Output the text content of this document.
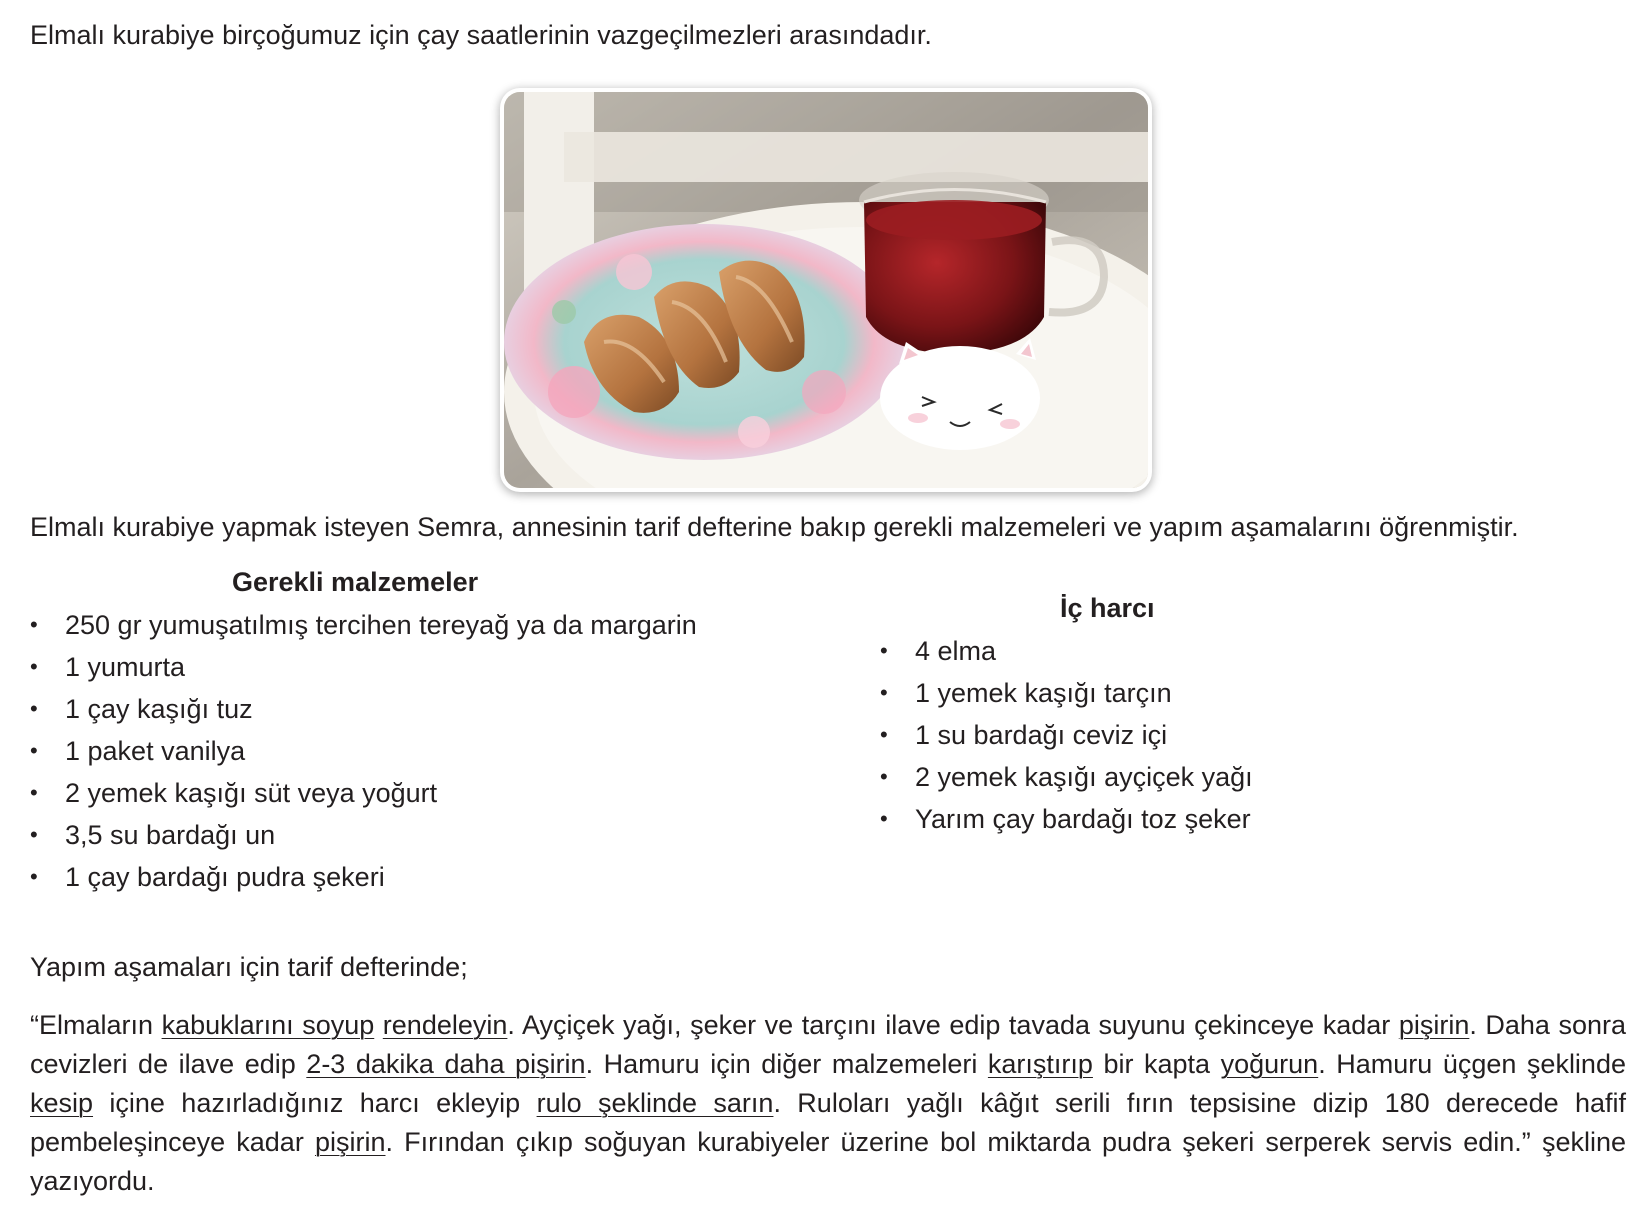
Elmalı kurabiye birçoğumuz için çay saatlerinin vazgeçilmezleri arasındadır.
Elmalı kurabiye yapmak isteyen Semra, annesinin tarif defterine bakıp gerekli malzemeleri ve yapım aşamalarını öğrenmiştir.
Gerekli malzemeler
• 250 gr yumuşatılmış tercihen tereyağ ya da margarin
• 1 yumurta
• 1 çay kaşığı tuz
• 1 paket vanilya
• 2 yemek kaşığı süt veya yoğurt
• 3,5 su bardağı un
• 1 çay bardağı pudra şekeri
İç harcı
• 4 elma
• 1 yemek kaşığı tarçın
• 1 su bardağı ceviz içi
• 2 yemek kaşığı ayçiçek yağı
• Yarım çay bardağı toz şeker
Yapım aşamaları için tarif defterinde;
“Elmaların kabuklarını soyup rendeleyin. Ayçiçek yağı, şeker ve tarçını ilave edip tavada suyunu çekinceye kadar pişirin. Daha sonra cevizleri de ilave edip 2-3 dakika daha pişirin. Hamuru için diğer malzemeleri karıştırıp bir kapta yoğurun. Hamuru üçgen şeklinde kesip içine hazırladığınız harcı ekleyip rulo şeklinde sarın. Ruloları yağlı kâğıt serili fırın tepsisine dizip 180 derecede hafif pembeleşinceye kadar pişirin. Fırından çıkıp soğuyan kurabiyeler üzerine bol miktarda pudra şekeri serperek servis edin.” şekline yazıyordu.
